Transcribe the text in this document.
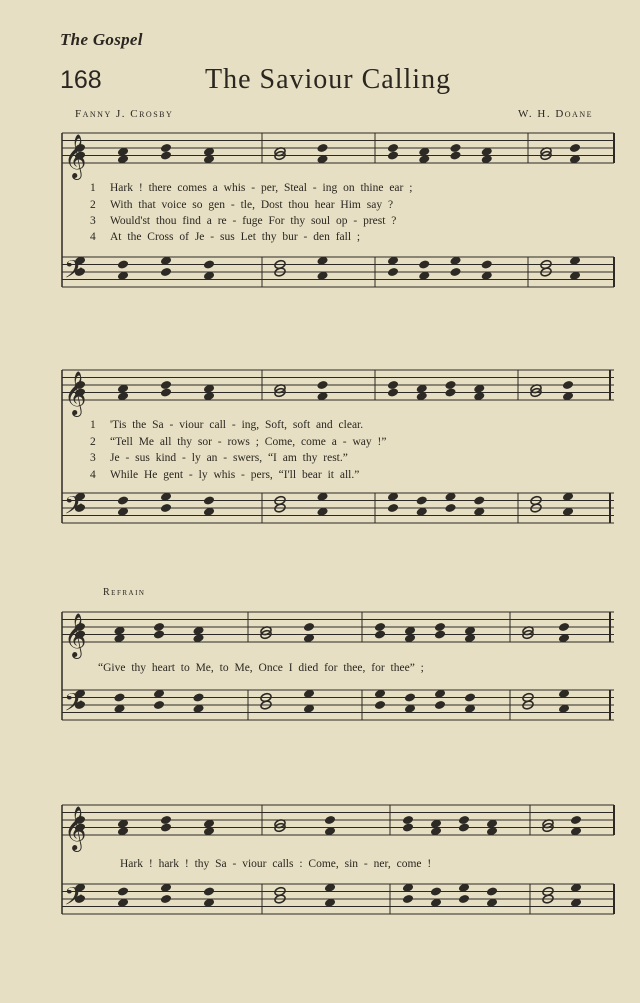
The Gospel
168	The Saviour Calling
Fanny J. Crosby	W. H. Doane
𝄞
𝄢
𝄞
𝄢
𝄞
𝄢
𝄞
𝄢
1 Hark ! there comes a whis - per, Steal - ing on thine ear ;
2 With that voice so gen - tle, Dost thou hear Him say ?
3 Would'st thou find a re - fuge For thy soul op - prest ?
4 At the Cross of Je - sus Let thy bur - den fall ;
1 'Tis the Sa - viour call - ing, Soft, soft and clear.
2 “Tell Me all thy sor - rows ; Come, come a - way !”
3 Je - sus kind - ly an - swers, “I am thy rest.”
4 While He gent - ly whis - pers, “I'll bear it all.”
Refrain
“Give thy heart to Me, to Me, Once I died for thee, for thee” ;
Hark ! hark ! thy Sa - viour calls : Come, sin - ner, come !
